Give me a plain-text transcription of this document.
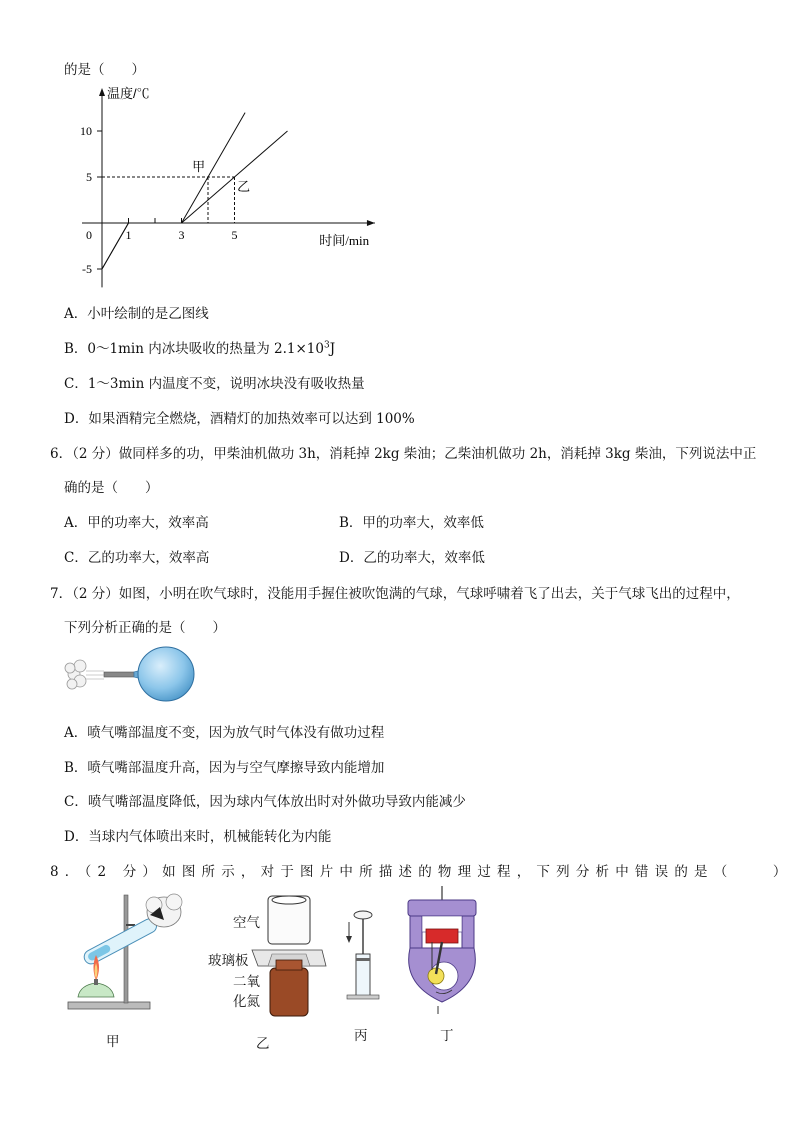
的是（　　）
温度/℃
时间/min
10
5
0
-5
1	3	5
甲
乙
A．小叶绘制的是乙图线
B．0～1min 内冰块吸收的热量为 $2.1\times 10^3J$
C．1～3min 内温度不变，说明冰块没有吸收热量
D．如果酒精完全燃烧，酒精灯的加热效率可以达到 100%
6．（2 分）做同样多的功，甲柴油机做功 3h，消耗掉 2kg 柴油；乙柴油机做功 2h，消耗掉 3kg 柴油，下列说法中正
确的是（　　）
A．甲的功率大，效率高	B．甲的功率大，效率低
C．乙的功率大，效率高	D．乙的功率大，效率低
7．（2 分）如图，小明在吹气球时，没能用手握住被吹饱满的气球，气球呼啸着飞了出去，关于气球飞出的过程中，
下列分析正确的是（　　）
A．喷气嘴部温度不变，因为放气时气体没有做功过程
B．喷气嘴部温度升高，因为与空气摩擦导致内能增加
C．喷气嘴部温度降低，因为球内气体放出时对外做功导致内能减少
D．当球内气体喷出来时，机械能转化为内能
8．（2 分）如图所示，对于图片中所描述的物理过程，下列分析中错误的是（　　）
甲
空气
玻璃板
二氧
化氮
乙
丙	丁
